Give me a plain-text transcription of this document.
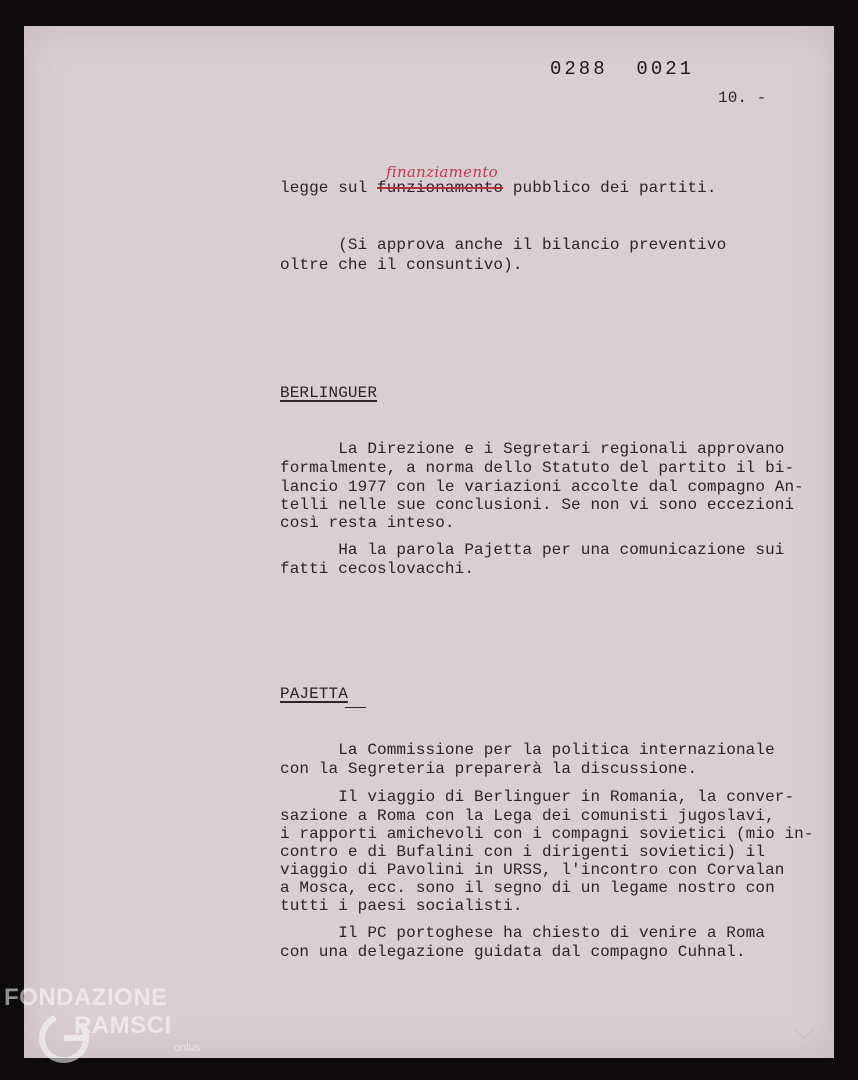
0288  0021
10. -
finanziamento
legge sul funzionamento pubblico dei partiti.
(Si approva anche il bilancio preventivo
oltre che il consuntivo).
BERLINGUER
La Direzione e i Segretari regionali approvano
formalmente, a norma dello Statuto del partito il bi-
lancio 1977 con le variazioni accolte dal compagno An-
telli nelle sue conclusioni. Se non vi sono eccezioni
così resta inteso.
Ha la parola Pajetta per una comunicazione sui
fatti cecoslovacchi.
PAJETTA
La Commissione per la politica internazionale
con la Segreteria preparerà la discussione.
Il viaggio di Berlinguer in Romania, la conver-
sazione a Roma con la Lega dei comunisti jugoslavi,
i rapporti amichevoli con i compagni sovietici (mio in-
contro e di Bufalini con i dirigenti sovietici) il
viaggio di Pavolini in URSS, l'incontro con Corvalan
a Mosca, ecc. sono il segno di un legame nostro con
tutti i paesi socialisti.
Il PC portoghese ha chiesto di venire a Roma
con una delegazione guidata dal compagno Cuhnal.
FONDAZIONE
RAMSCI
onlus
